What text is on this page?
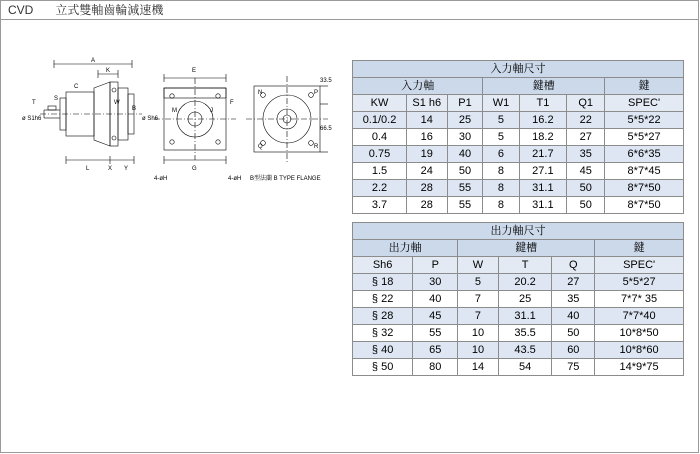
CVD 立式雙軸齒輪減速機
A
K
L	X Y
T
S
C
W
B
ø S1h6	ø Sh6
E
F
G
J
M
N	P
Q	R
33.5
66.5
4-øH	4-øH B型法蘭 B TYPE FLANGE
入力軸尺寸						
入力軸			鍵槽			鍵
KW	S1 h6	P1	W1	T1	Q1	SPEC'
0.1/0.2	14	25	5	16.2	22	5*5*22
0.4	16	30	5	18.2	27	5*5*27
0.75	19	40	6	21.7	35	6*6*35
1.5	24	50	8	27.1	45	8*7*45
2.2	28	55	8	31.1	50	8*7*50
3.7	28	55	8	31.1	50	8*7*50
出力軸尺寸					
出力軸		鍵槽			鍵
Sh6	P	W	T	Q	SPEC'
§ 18	30	5	20.2	27	5*5*27
§ 22	40	7	25	35	7*7* 35
§ 28	45	7	31.1	40	7*7*40
§ 32	55	10	35.5	50	10*8*50
§ 40	65	10	43.5	60	10*8*60
§ 50	80	14	54	75	14*9*75
